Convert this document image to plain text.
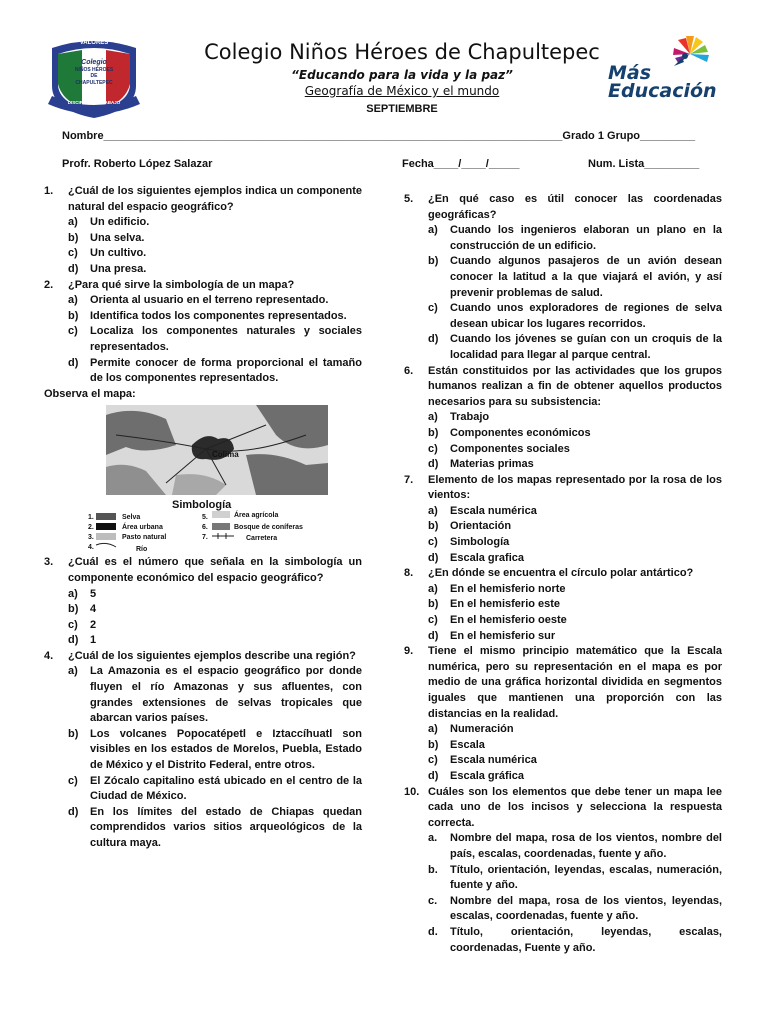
VALORES
Colegio
NIÑOS HÉROES
DE
CHAPULTEPEC
DISCIPLINA Y TRABAJO
Colegio Niños Héroes de Chapultepec
“Educando para la vida y la paz”
Geografía de México y el mundo
SEPTIEMBRE
Más
Educación
Nombre___________________________________________________________________________Grado 1 Grupo_________
Profr. Roberto López Salazar	Fecha____/____/_____	Num. Lista_________
1.	¿Cuál de los siguientes ejemplos indica un componente natural del espacio geográfico?
a)	Un edificio.
b)	Una selva.
c)	Un cultivo.
d)	Una presa.
2.	¿Para qué sirve la simbología de un mapa?
a)	Orienta al usuario en el terreno representado.
b)	Identifica todos los componentes representados.
c)	Localiza los componentes naturales y sociales representados.
d)	Permite conocer de forma proporcional el tamaño de los componentes representados.
Observa el mapa:
Colima
Simbología
1.	Selva
2.	Área urbana
3.	Pasto natural
4.	Río
5.	Área agrícola
6.	Bosque de coníferas
7.	Carretera
3.	¿Cuál es el número que señala en la simbología un componente económico del espacio geográfico?
a)	5
b)	4
c)	2
d)	1
4.	¿Cuál de los siguientes ejemplos describe una región?
a)	La Amazonia es el espacio geográfico por donde fluyen el río Amazonas y sus afluentes, con grandes extensiones de selvas tropicales que abarcan varios países.
b)	Los volcanes Popocatépetl e Iztaccíhuatl son visibles en los estados de Morelos, Puebla, Estado de México y el Distrito Federal, entre otros.
c)	El Zócalo capitalino está ubicado en el centro de la Ciudad de México.
d)	En los límites del estado de Chiapas quedan comprendidos varios sitios arqueológicos de la cultura maya.
5.	¿En qué caso es útil conocer las coordenadas geográficas?
a)	Cuando los ingenieros elaboran un plano en la construcción de un edificio.
b)	Cuando algunos pasajeros de un avión desean conocer la latitud a la que viajará el avión, y así prevenir problemas de salud.
c)	Cuando unos exploradores de regiones de selva desean ubicar los lugares recorridos.
d)	Cuando los jóvenes se guían con un croquis de la localidad para llegar al parque central.
6.	Están constituidos por las actividades que los grupos humanos realizan a fin de obtener aquellos productos necesarios para su subsistencia:
a)	Trabajo
b)	Componentes económicos
c)	Componentes sociales
d)	Materias primas
7.	Elemento de los mapas representado por la rosa de los vientos:
a)	Escala numérica
b)	Orientación
c)	Simbología
d)	Escala grafica
8.	¿En dónde se encuentra el círculo polar antártico?
a)	En el hemisferio norte
b)	En el hemisferio este
c)	En el hemisferio oeste
d)	En el hemisferio sur
9.	Tiene el mismo principio matemático que la Escala numérica, pero su representación en el mapa es por medio de una gráfica horizontal dividida en segmentos iguales que mantienen una proporción con las distancias en la realidad.
a)	Numeración
b)	Escala
c)	Escala numérica
d)	Escala gráfica
10. Cuáles son los elementos que debe tener un mapa lee cada uno de los incisos y selecciona la respuesta correcta.
a.	Nombre del mapa, rosa de los vientos, nombre del país, escalas, coordenadas, fuente y año.
b.	Título, orientación, leyendas, escalas, numeración, fuente y año.
c.	Nombre del mapa, rosa de los vientos, leyendas, escalas, coordenadas, fuente y año.
d.	Título, orientación, leyendas, escalas, coordenadas, Fuente y año.
